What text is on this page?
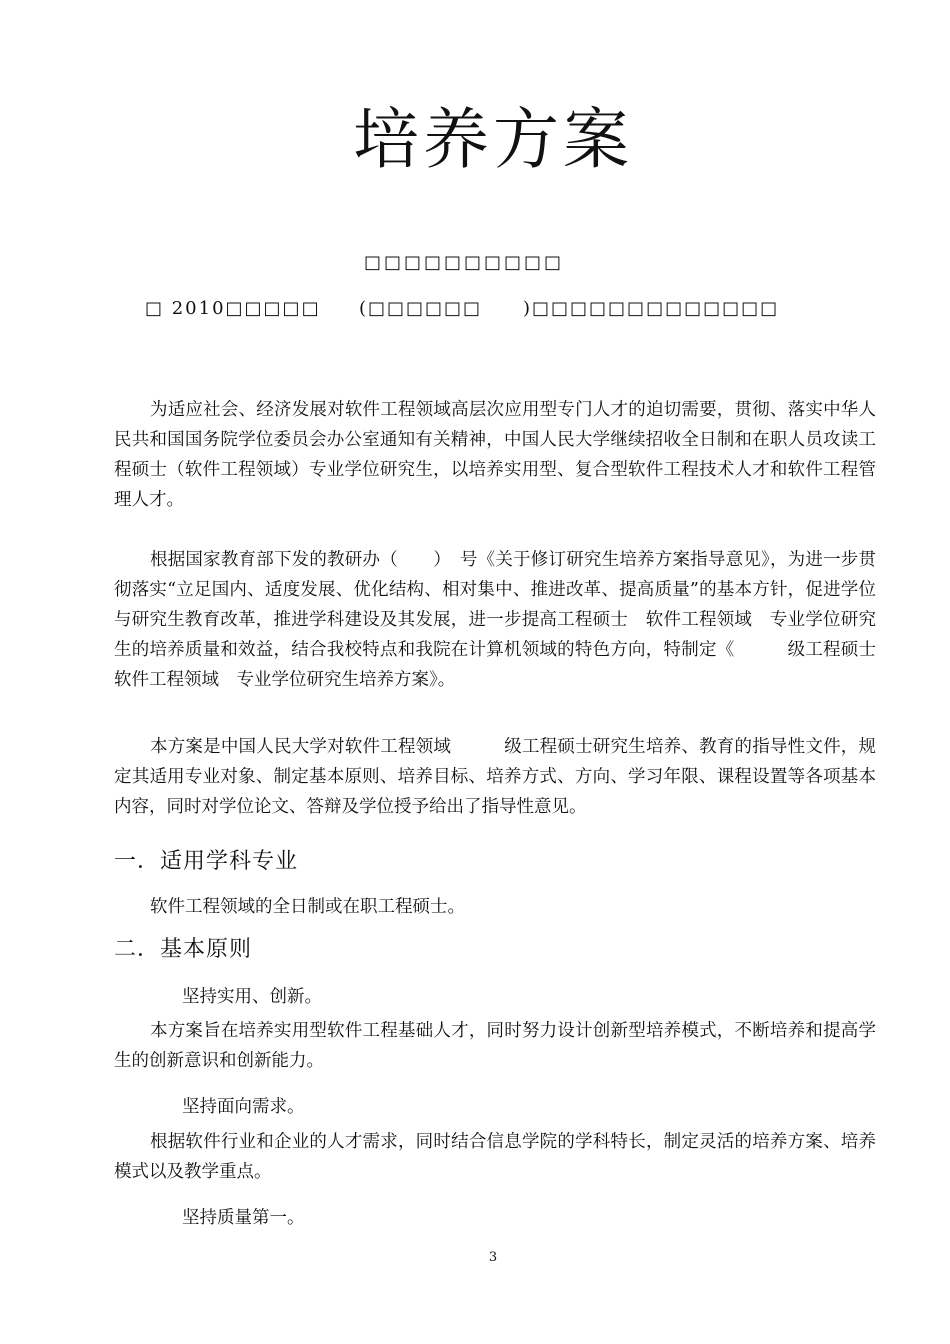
培养方案
□□□□□□□□□□
□ 2010□□□□□ (□□□□□□ )□□□□□□□□□□□□□

为适应社会、经济发展对软件工程领域高层次应用型专门人才的迫切需要，贯彻、落实中华人民共和国国务院学位委员会办公室通知有关精神，中国人民大学继续招收全日制和在职人员攻读工程硕士（软件工程领域）专业学位研究生，以培养实用型、复合型软件工程技术人才和软件工程管理人才。

根据国家教育部下发的教研办（　　）　号《关于修订研究生培养方案指导意见》，为进一步贯彻落实“立足国内、适度发展、优化结构、相对集中、推进改革、提高质量”的基本方针，促进学位与研究生教育改革，推进学科建设及其发展，进一步提高工程硕士　软件工程领域　专业学位研究生的培养质量和效益，结合我校特点和我院在计算机领域的特色方向，特制定《　　　级工程硕士　软件工程领域　专业学位研究生培养方案》。

本方案是中国人民大学对软件工程领域　　　级工程硕士研究生培养、教育的指导性文件，规定其适用专业对象、制定基本原则、培养目标、培养方式、方向、学习年限、课程设置等各项基本内容，同时对学位论文、答辩及学位授予给出了指导性意见。

一．适用学科专业

软件工程领域的全日制或在职工程硕士。

二．基本原则

坚持实用、创新。

本方案旨在培养实用型软件工程基础人才，同时努力设计创新型培养模式，不断培养和提高学生的创新意识和创新能力。

坚持面向需求。

根据软件行业和企业的人才需求，同时结合信息学院的学科特长，制定灵活的培养方案、培养模式以及教学重点。

坚持质量第一。

3
